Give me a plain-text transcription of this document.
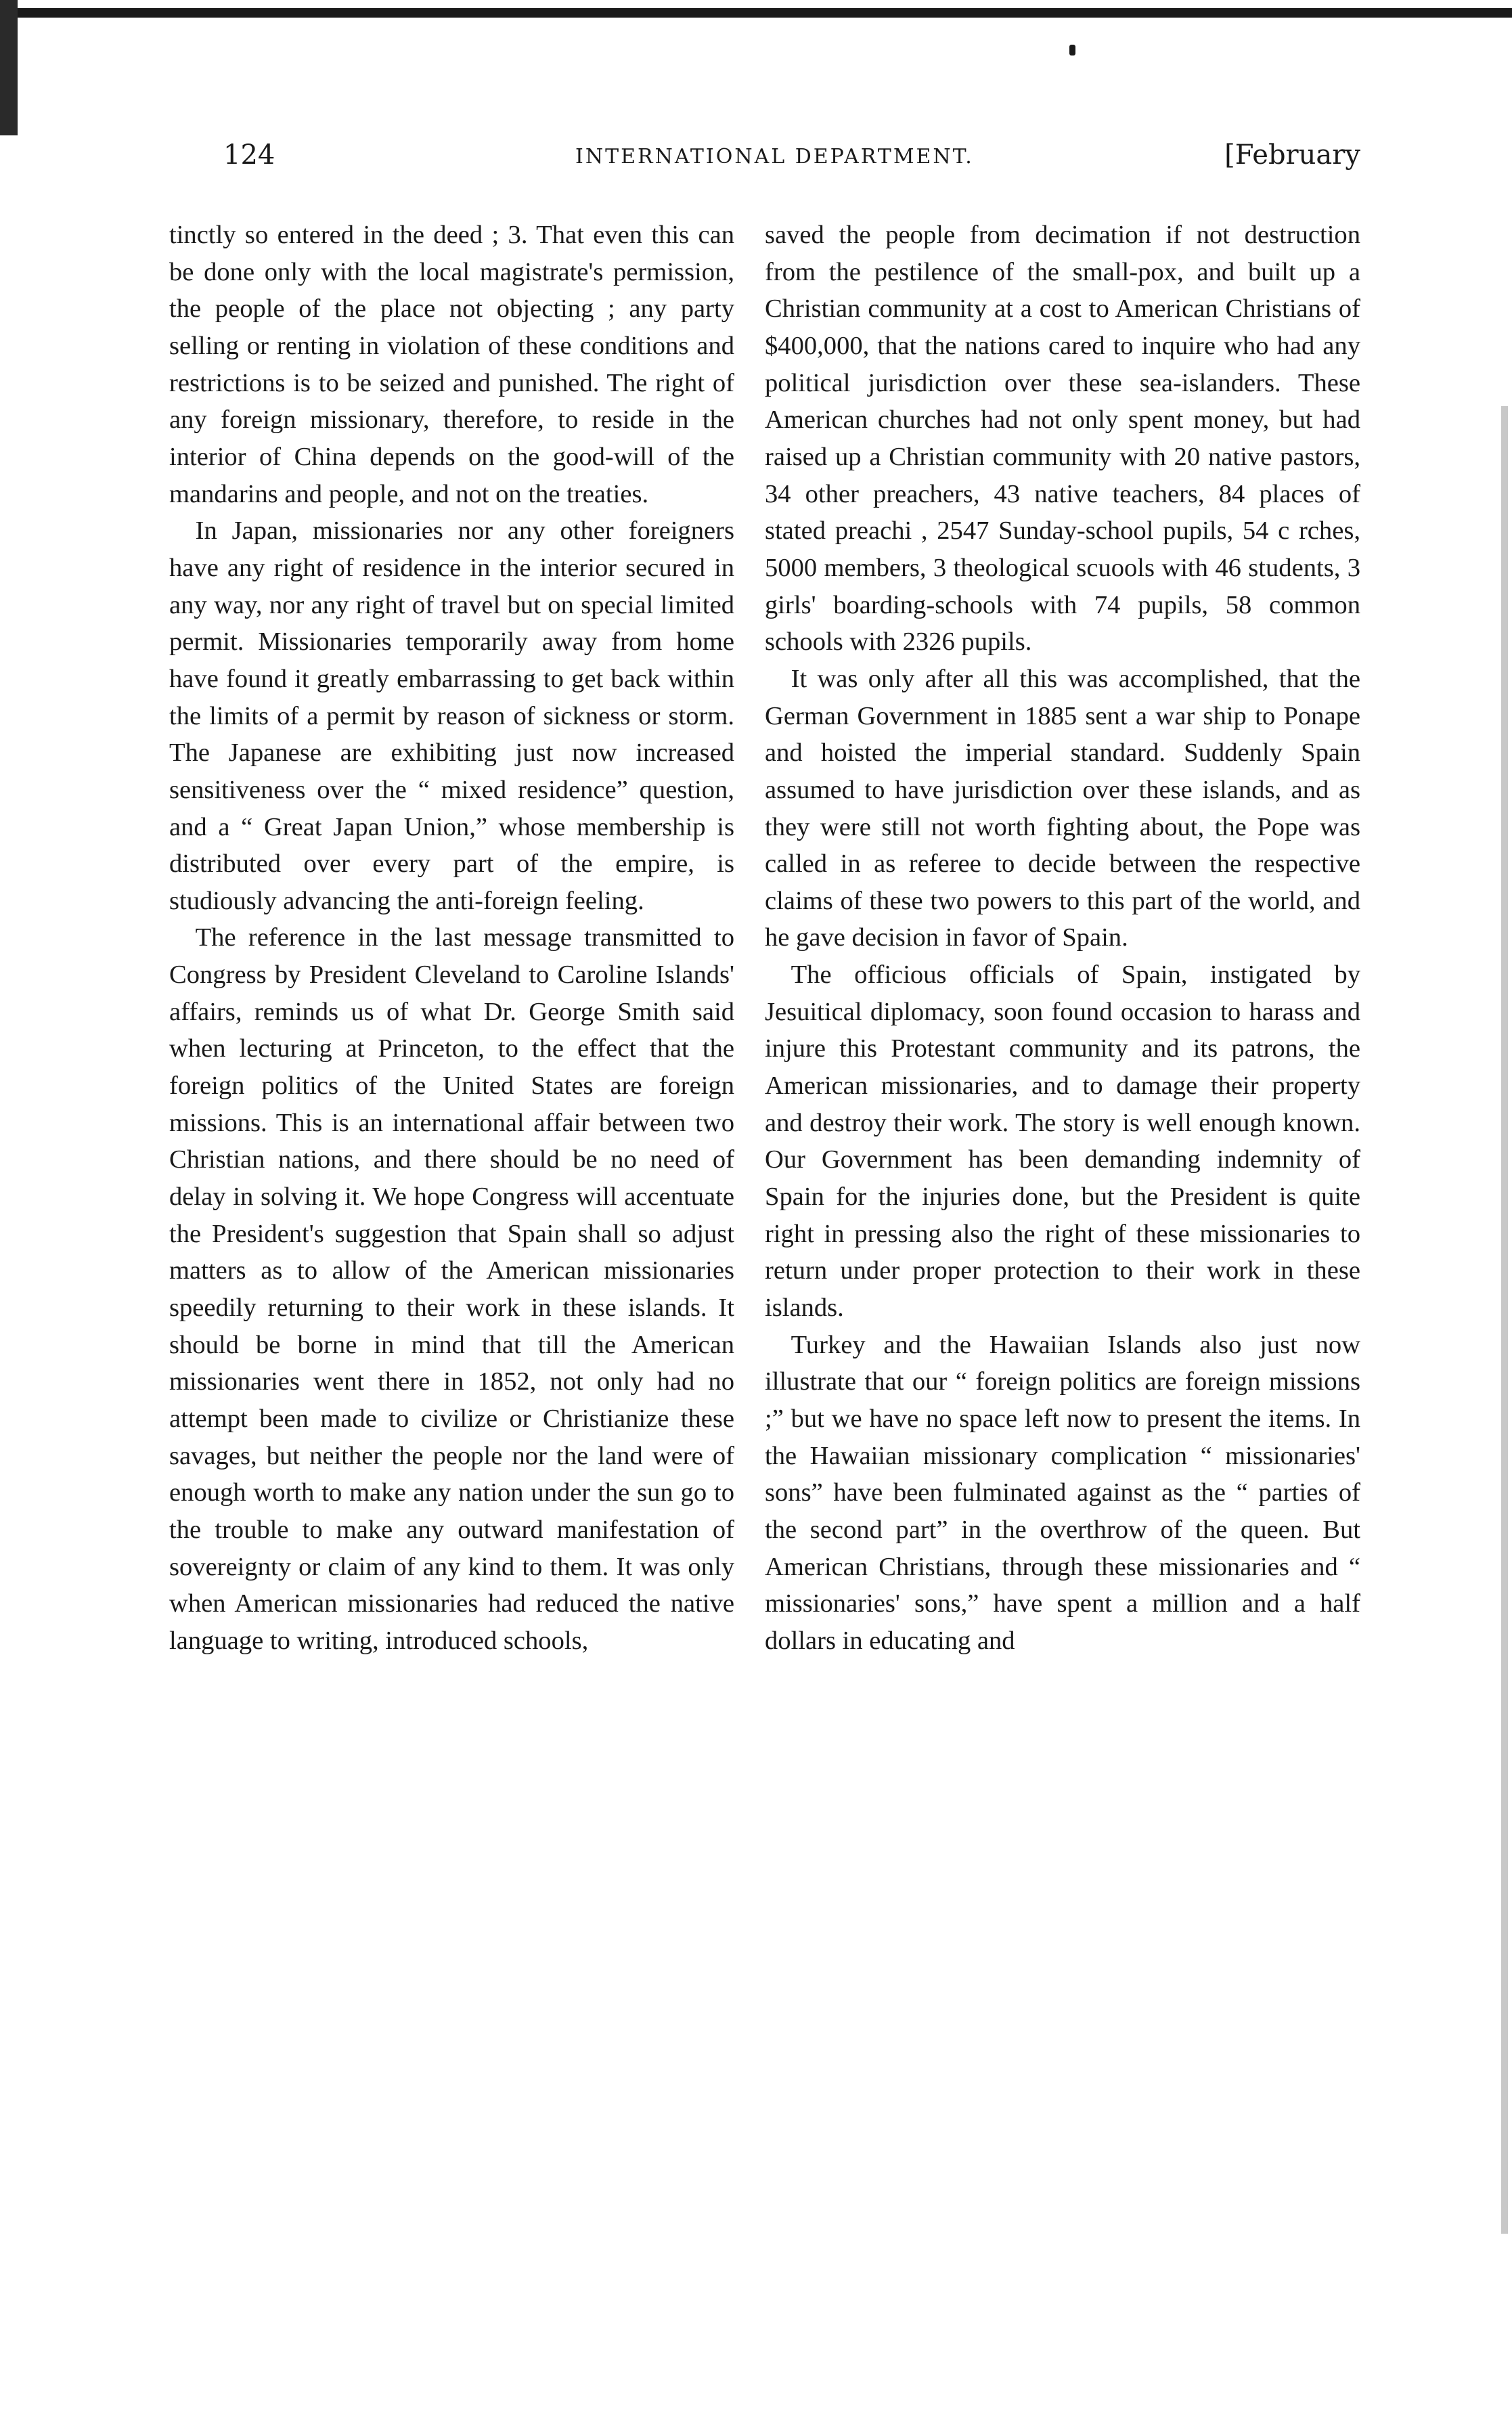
124	INTERNATIONAL DEPARTMENT.	[February

tinctly so entered in the deed ; 3. That even this can be done only with the local magistrate's permission, the people of the place not objecting ; any party selling or renting in violation of these conditions and restrictions is to be seized and punished. The right of any foreign missionary, therefore, to reside in the interior of China depends on the good-will of the mandarins and people, and not on the treaties.

In Japan, missionaries nor any other foreigners have any right of residence in the interior secured in any way, nor any right of travel but on special limited permit. Missionaries temporarily away from home have found it greatly embarrassing to get back within the limits of a permit by reason of sickness or storm. The Japanese are exhibiting just now increased sensitiveness over the “ mixed residence” question, and a “ Great Japan Union,” whose membership is distributed over every part of the empire, is studiously advancing the anti-foreign feeling.

The reference in the last message transmitted to Congress by President Cleveland to Caroline Islands' affairs, reminds us of what Dr. George Smith said when lecturing at Princeton, to the effect that the foreign politics of the United States are foreign missions. This is an international affair between two Christian nations, and there should be no need of delay in solving it. We hope Congress will accentuate the President's suggestion that Spain shall so adjust matters as to allow of the American missionaries speedily returning to their work in these islands. It should be borne in mind that till the American missionaries went there in 1852, not only had no attempt been made to civilize or Christianize these savages, but neither the people nor the land were of enough worth to make any nation under the sun go to the trouble to make any outward manifestation of sovereignty or claim of any kind to them. It was only when American missionaries had reduced the native language to writing, introduced schools,

saved the people from decimation if not destruction from the pestilence of the small-pox, and built up a Christian community at a cost to American Christians of $400,000, that the nations cared to inquire who had any political jurisdiction over these sea-islanders. These American churches had not only spent money, but had raised up a Christian community with 20 native pastors, 34 other preachers, 43 native teachers, 84 places of stated preachi , 2547 Sunday-school pupils, 54 c rches, 5000 members, 3 theological scuools with 46 students, 3 girls' boarding-schools with 74 pupils, 58 common schools with 2326 pupils.

It was only after all this was accomplished, that the German Government in 1885 sent a war ship to Ponape and hoisted the imperial standard. Suddenly Spain assumed to have jurisdiction over these islands, and as they were still not worth fighting about, the Pope was called in as referee to decide between the respective claims of these two powers to this part of the world, and he gave decision in favor of Spain.

The officious officials of Spain, instigated by Jesuitical diplomacy, soon found occasion to harass and injure this Protestant community and its patrons, the American missionaries, and to damage their property and destroy their work. The story is well enough known. Our Government has been demanding indemnity of Spain for the injuries done, but the President is quite right in pressing also the right of these missionaries to return under proper protection to their work in these islands.

Turkey and the Hawaiian Islands also just now illustrate that our “ foreign politics are foreign missions ;” but we have no space left now to present the items. In the Hawaiian missionary complication “ missionaries' sons” have been fulminated against as the “ parties of the second part” in the overthrow of the queen. But American Christians, through these missionaries and “ missionaries' sons,” have spent a million and a half dollars in educating and
